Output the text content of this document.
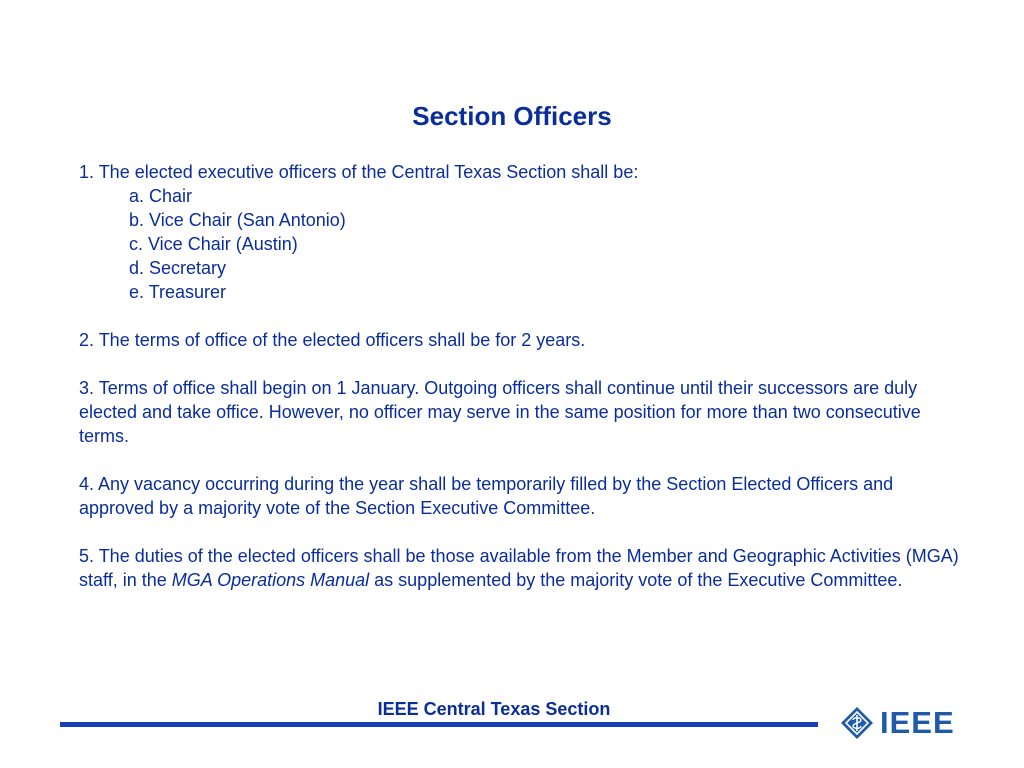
Section Officers

1. The elected executive officers of the Central Texas Section shall be:

a. Chair

b. Vice Chair (San Antonio)

c. Vice Chair (Austin)

d. Secretary

e. Treasurer

2. The terms of office of the elected officers shall be for 2 years.

3. Terms of office shall begin on 1 January. Outgoing officers shall continue until their successors are duly elected and take office. However, no officer may serve in the same position for more than two consecutive terms.

4. Any vacancy occurring during the year shall be temporarily filled by the Section Elected Officers and approved by a majority vote of the Section Executive Committee.

5. The duties of the elected officers shall be those available from the Member and Geographic Activities (MGA) staff, in the MGA Operations Manual as supplemented by the majority vote of the Executive Committee.

IEEE Central Texas Section	IEEE
